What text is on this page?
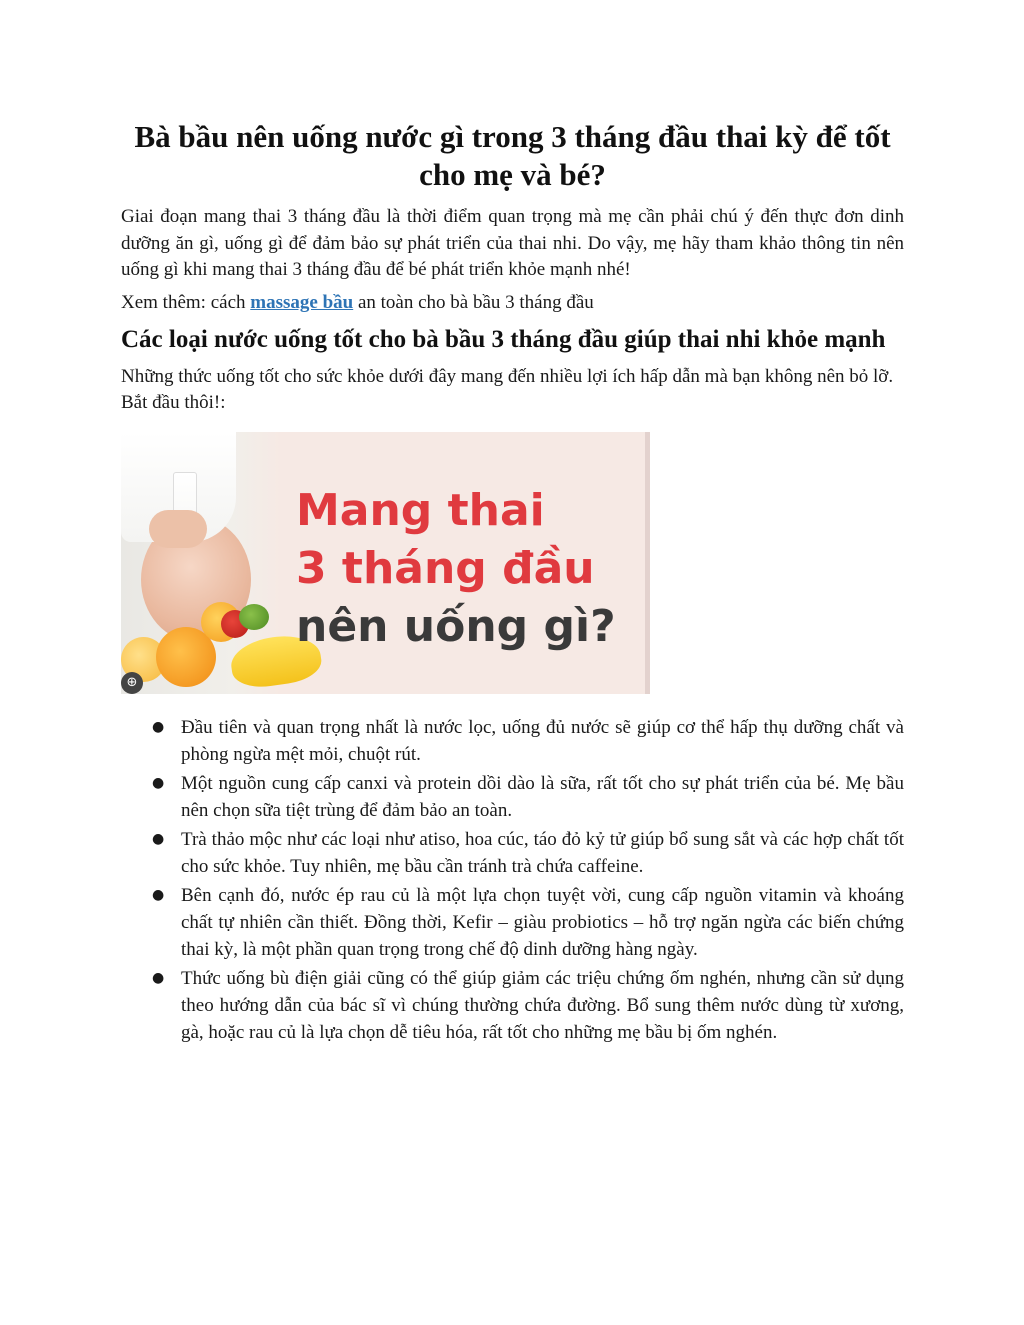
Bà bầu nên uống nước gì trong 3 tháng đầu thai kỳ để tốt cho mẹ và bé?

Giai đoạn mang thai 3 tháng đầu là thời điểm quan trọng mà mẹ cần phải chú ý đến thực đơn dinh dưỡng ăn gì, uống gì để đảm bảo sự phát triển của thai nhi. Do vậy, mẹ hãy tham khảo thông tin nên uống gì khi mang thai 3 tháng đầu để bé phát triển khỏe mạnh nhé!

Xem thêm: cách massage bầu an toàn cho bà bầu 3 tháng đầu

Các loại nước uống tốt cho bà bầu 3 tháng đầu giúp thai nhi khỏe mạnh

Những thức uống tốt cho sức khỏe dưới đây mang đến nhiều lợi ích hấp dẫn mà bạn không nên bỏ lỡ. Bắt đầu thôi!:

⊕
Mang thai
3 tháng đầu
nên uống gì?
● Đầu tiên và quan trọng nhất là nước lọc, uống đủ nước sẽ giúp cơ thể hấp thụ dưỡng chất và phòng ngừa mệt mỏi, chuột rút.
● Một nguồn cung cấp canxi và protein dồi dào là sữa, rất tốt cho sự phát triển của bé. Mẹ bầu nên chọn sữa tiệt trùng để đảm bảo an toàn.
● Trà thảo mộc như các loại như atiso, hoa cúc, táo đỏ kỷ tử giúp bổ sung sắt và các hợp chất tốt cho sức khỏe. Tuy nhiên, mẹ bầu cần tránh trà chứa caffeine.
● Bên cạnh đó, nước ép rau củ là một lựa chọn tuyệt vời, cung cấp nguồn vitamin và khoáng chất tự nhiên cần thiết. Đồng thời, Kefir – giàu probiotics – hỗ trợ ngăn ngừa các biến chứng thai kỳ, là một phần quan trọng trong chế độ dinh dưỡng hàng ngày.
● Thức uống bù điện giải cũng có thể giúp giảm các triệu chứng ốm nghén, nhưng cần sử dụng theo hướng dẫn của bác sĩ vì chúng thường chứa đường. Bổ sung thêm nước dùng từ xương, gà, hoặc rau củ là lựa chọn dễ tiêu hóa, rất tốt cho những mẹ bầu bị ốm nghén.
